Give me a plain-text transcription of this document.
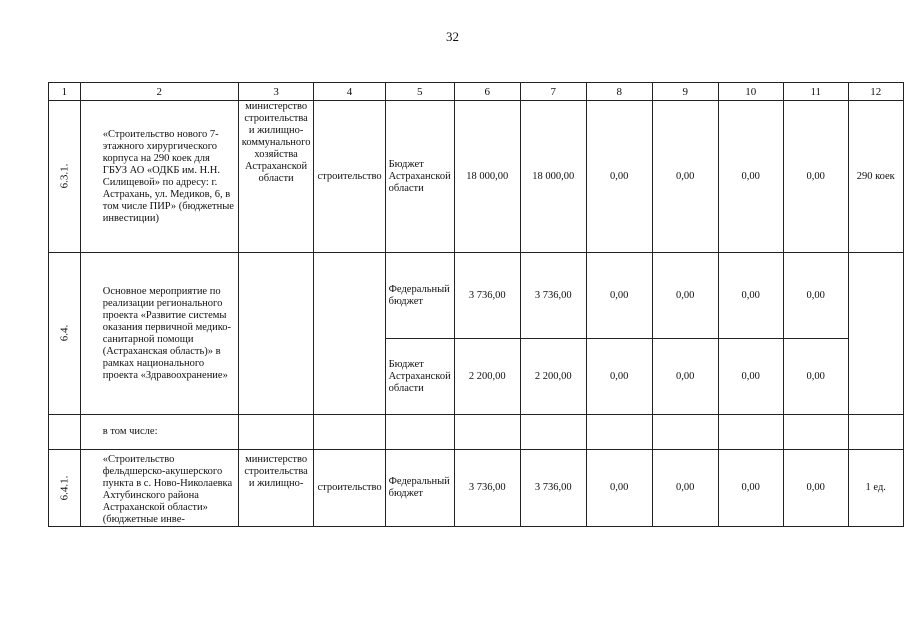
32
1	2	3	4	5	6	7	8	9	10	11	12
6.3.1.	«Строительство нового 7-этажного хирургического корпуса на 290 коек для ГБУЗ АО «ОДКБ им. Н.Н. Силищевой» по адресу: г. Астрахань, ул. Медиков, 6, в том числе ПИР» (бюджетные инвестиции)	министерство строительства и жилищно-коммунального хозяйства Астраханской области	строительство	Бюджет Астраханской области	18 000,00	18 000,00	0,00	0,00	0,00	0,00	290 коек
6.4.	Основное мероприятие по реализации регионального проекта «Развитие системы оказания первичной медико-санитарной помощи (Астраханская область)» в рамках национального проекта «Здравоохранение»			Федеральный бюджет	3 736,00	3 736,00	0,00	0,00	0,00	0,00	
				Бюджет Астраханской области	2 200,00	2 200,00	0,00	0,00	0,00	0,00	
	в том числе:										
6.4.1.	«Строительство фельдшерско-акушерского пункта в с. Ново-Николаевка Ахтубинского района Астраханской области» (бюджетные инве-	министерство строительства и жилищно-	строительство	Федеральный бюджет	3 736,00	3 736,00	0,00	0,00	0,00	0,00	1 ед.
